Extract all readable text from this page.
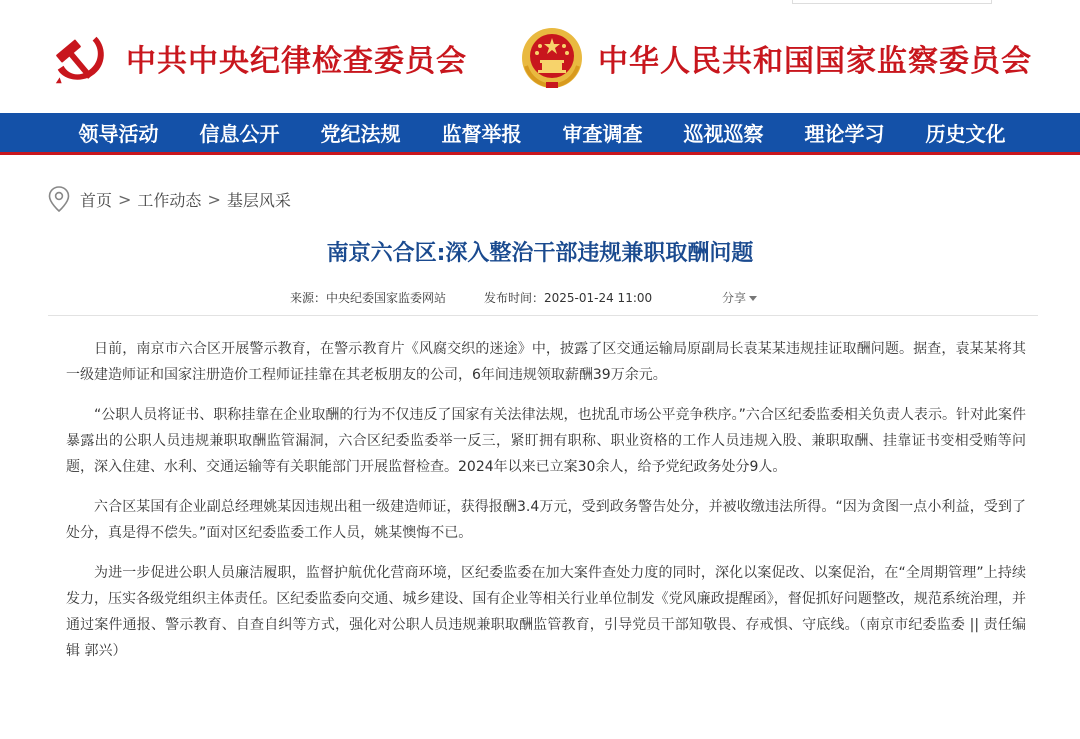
中共中央纪律检查委员会	中华人民共和国国家监察委员会
领导活动	信息公开	党纪法规	监督举报	审查调查	巡视巡察	理论学习	历史文化
首页 > 工作动态 > 基层风采
南京六合区:深入整治干部违规兼职取酬问题
来源：中央纪委国家监委网站	发布时间：2025-01-24 11:00	分享

日前，南京市六合区开展警示教育，在警示教育片《风腐交织的迷途》中，披露了区交通运输局原副局长袁某某违规挂证取酬问题。据查，袁某某将其一级建造师证和国家注册造价工程师证挂靠在其老板朋友的公司，6年间违规领取薪酬39万余元。

“公职人员将证书、职称挂靠在企业取酬的行为不仅违反了国家有关法律法规，也扰乱市场公平竞争秩序。”六合区纪委监委相关负责人表示。针对此案件暴露出的公职人员违规兼职取酬监管漏洞，六合区纪委监委举一反三，紧盯拥有职称、职业资格的工作人员违规入股、兼职取酬、挂靠证书变相受贿等问题，深入住建、水利、交通运输等有关职能部门开展监督检查。2024年以来已立案30余人，给予党纪政务处分9人。

六合区某国有企业副总经理姚某因违规出租一级建造师证，获得报酬3.4万元，受到政务警告处分，并被收缴违法所得。“因为贪图一点小利益，受到了处分，真是得不偿失。”面对区纪委监委工作人员，姚某懊悔不已。

为进一步促进公职人员廉洁履职，监督护航优化营商环境，区纪委监委在加大案件查处力度的同时，深化以案促改、以案促治，在“全周期管理”上持续发力，压实各级党组织主体责任。区纪委监委向交通、城乡建设、国有企业等相关行业单位制发《党风廉政提醒函》，督促抓好问题整改，规范系统治理，并通过案件通报、警示教育、自查自纠等方式，强化对公职人员违规兼职取酬监管教育，引导党员干部知敬畏、存戒惧、守底线。（南京市纪委监委 || 责任编辑 郭兴）
